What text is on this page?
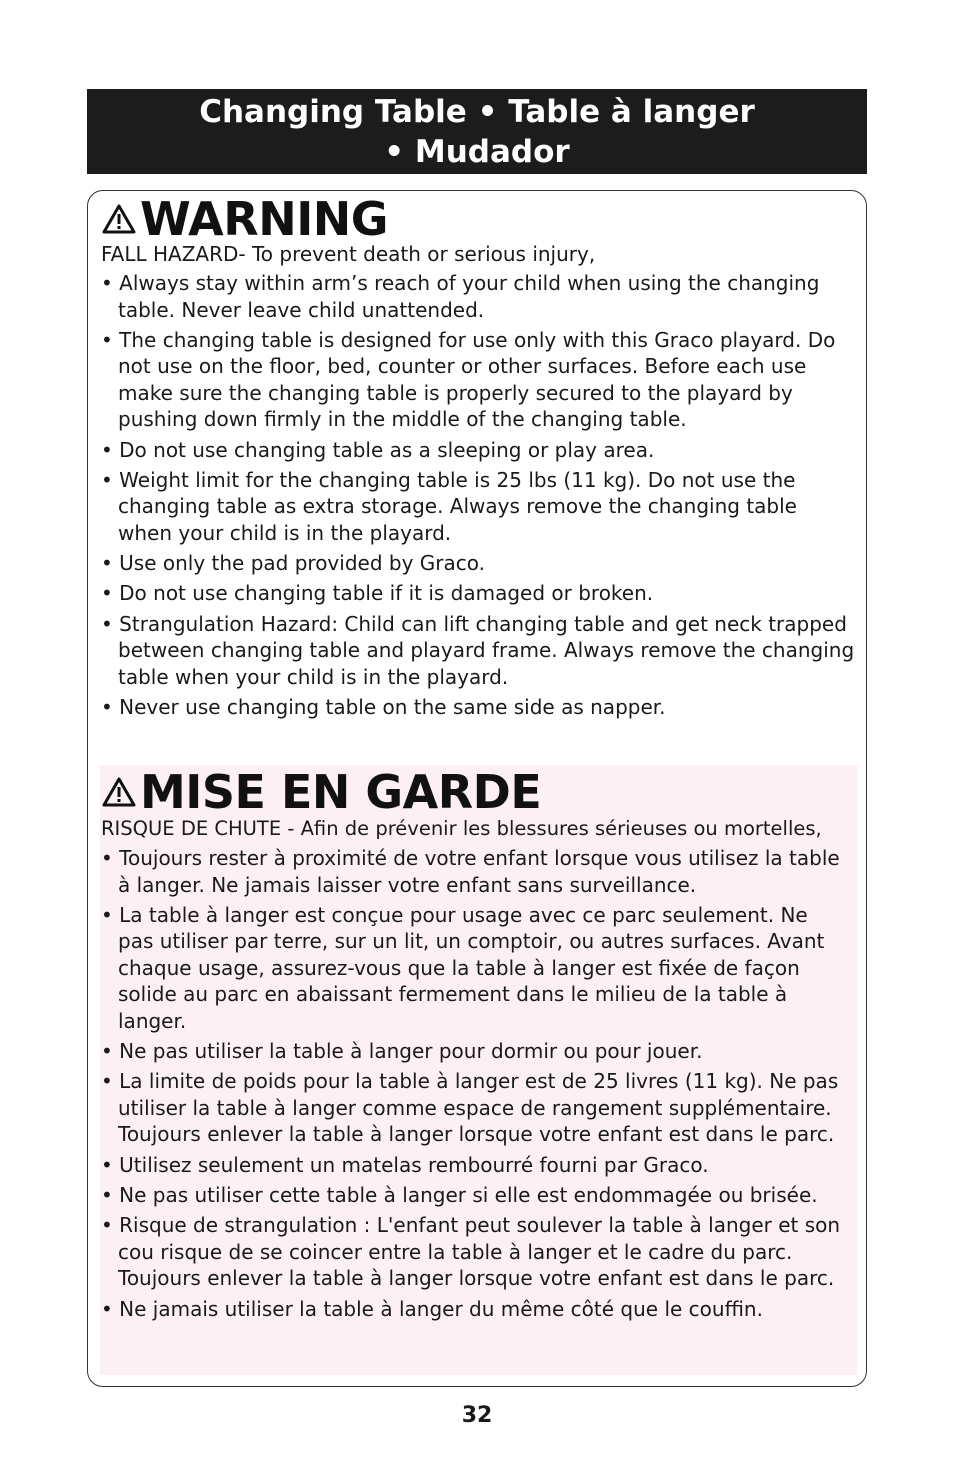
Changing Table • Table à langer
• Mudador
WARNING
FALL HAZARD- To prevent death or serious injury,
• Always stay within arm’s reach of your child when using the changing table. Never leave child unattended.
• The changing table is designed for use only with this Graco playard. Do not use on the floor, bed, counter or other surfaces. Before each use make sure the changing table is properly secured to the playard by pushing down firmly in the middle of the changing table.
• Do not use changing table as a sleeping or play area.
• Weight limit for the changing table is 25 lbs (11 kg). Do not use the changing table as extra storage. Always remove the changing table when your child is in the playard.
• Use only the pad provided by Graco.
• Do not use changing table if it is damaged or broken.
• Strangulation Hazard: Child can lift changing table and get neck trapped between changing table and playard frame. Always remove the changing table when your child is in the playard.
• Never use changing table on the same side as napper.
MISE EN GARDE
RISQUE DE CHUTE - Afin de prévenir les blessures sérieuses ou mortelles,
• Toujours rester à proximité de votre enfant lorsque vous utilisez la table à langer. Ne jamais laisser votre enfant sans surveillance.
• La table à langer est conçue pour usage avec ce parc seulement. Ne pas utiliser par terre, sur un lit, un comptoir, ou autres surfaces. Avant chaque usage, assurez-vous que la table à langer est fixée de façon solide au parc en abaissant fermement dans le milieu de la table à langer.
• Ne pas utiliser la table à langer pour dormir ou pour jouer.
• La limite de poids pour la table à langer est de 25 livres (11 kg). Ne pas utiliser la table à langer comme espace de rangement supplémentaire. Toujours enlever la table à langer lorsque votre enfant est dans le parc.
• Utilisez seulement un matelas rembourré fourni par Graco.
• Ne pas utiliser cette table à langer si elle est endommagée ou brisée.
• Risque de strangulation : L'enfant peut soulever la table à langer et son cou risque de se coincer entre la table à langer et le cadre du parc. Toujours enlever la table à langer lorsque votre enfant est dans le parc.
• Ne jamais utiliser la table à langer du même côté que le couffin.
32
